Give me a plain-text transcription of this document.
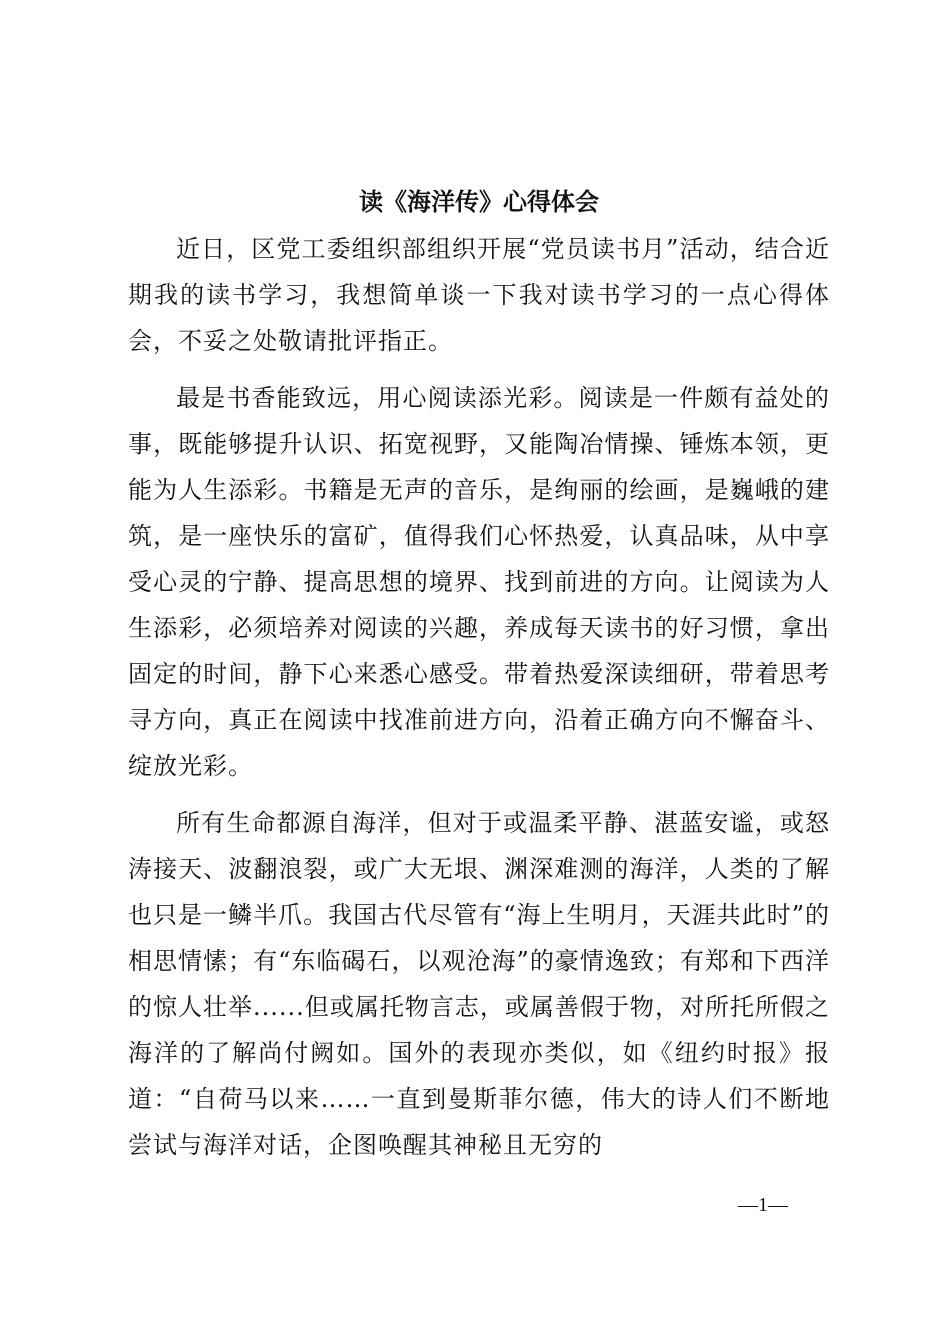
读《海洋传》心得体会

近日，区党工委组织部组织开展“党员读书月”活动，结合近期我的读书学习，我想简单谈一下我对读书学习的一点心得体会，不妥之处敬请批评指正。

最是书香能致远，用心阅读添光彩。阅读是一件颇有益处的事，既能够提升认识、拓宽视野，又能陶冶情操、锤炼本领，更能为人生添彩。书籍是无声的音乐，是绚丽的绘画，是巍峨的建筑，是一座快乐的富矿，值得我们心怀热爱，认真品味，从中享受心灵的宁静、提高思想的境界、找到前进的方向。让阅读为人生添彩，必须培养对阅读的兴趣，养成每天读书的好习惯，拿出固定的时间，静下心来悉心感受。带着热爱深读细研，带着思考寻方向，真正在阅读中找准前进方向，沿着正确方向不懈奋斗、绽放光彩。

所有生命都源自海洋，但对于或温柔平静、湛蓝安谧，或怒涛接天、波翻浪裂，或广大无垠、渊深难测的海洋，人类的了解也只是一鳞半爪。我国古代尽管有“海上生明月，天涯共此时”的相思情愫；有“东临碣石，以观沧海”的豪情逸致；有郑和下西洋的惊人壮举......但或属托物言志，或属善假于物，对所托所假之海洋的了解尚付阙如。国外的表现亦类似，如《纽约时报》报道：“自荷马以来……一直到曼斯菲尔德，伟大的诗人们不断地尝试与海洋对话，企图唤醒其神秘且无穷的

—1—
